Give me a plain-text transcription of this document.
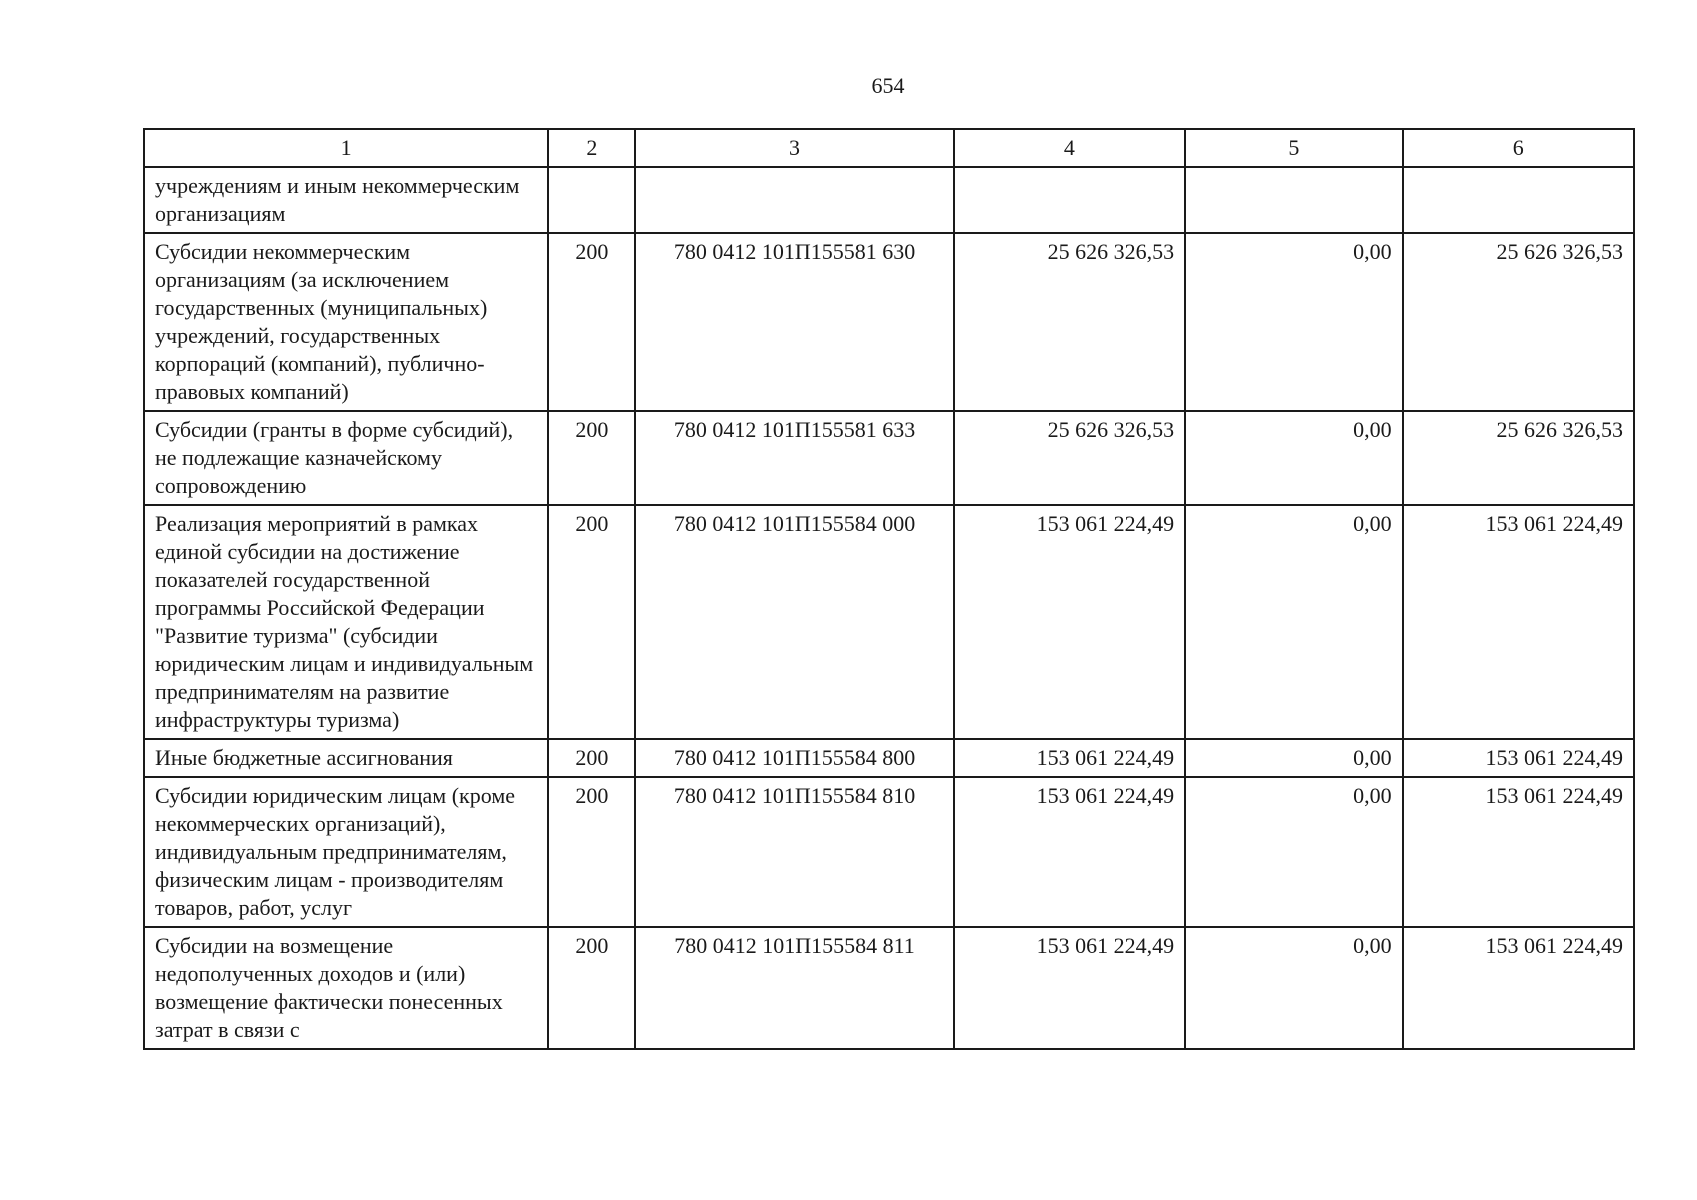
654
1	2	3	4	5	6
учреждениям и иным некоммерческим организациям					
Субсидии некоммерческим организациям (за исключением государственных (муниципальных) учреждений, государственных корпораций (компаний), публично-правовых компаний)	200	780 0412 101П155581 630	25 626 326,53	0,00	25 626 326,53
Субсидии (гранты в форме субсидий), не подлежащие казначейскому сопровождению	200	780 0412 101П155581 633	25 626 326,53	0,00	25 626 326,53
Реализация мероприятий в рамках единой субсидии на достижение показателей государственной программы Российской Федерации "Развитие туризма" (субсидии юридическим лицам и индивидуальным предпринимателям на развитие инфраструктуры туризма)	200	780 0412 101П155584 000	153 061 224,49	0,00	153 061 224,49
Иные бюджетные ассигнования	200	780 0412 101П155584 800	153 061 224,49	0,00	153 061 224,49
Субсидии юридическим лицам (кроме некоммерческих организаций), индивидуальным предпринимателям, физическим лицам - производителям товаров, работ, услуг	200	780 0412 101П155584 810	153 061 224,49	0,00	153 061 224,49
Субсидии на возмещение недополученных доходов и (или) возмещение фактически понесенных затрат в связи с	200	780 0412 101П155584 811	153 061 224,49	0,00	153 061 224,49
